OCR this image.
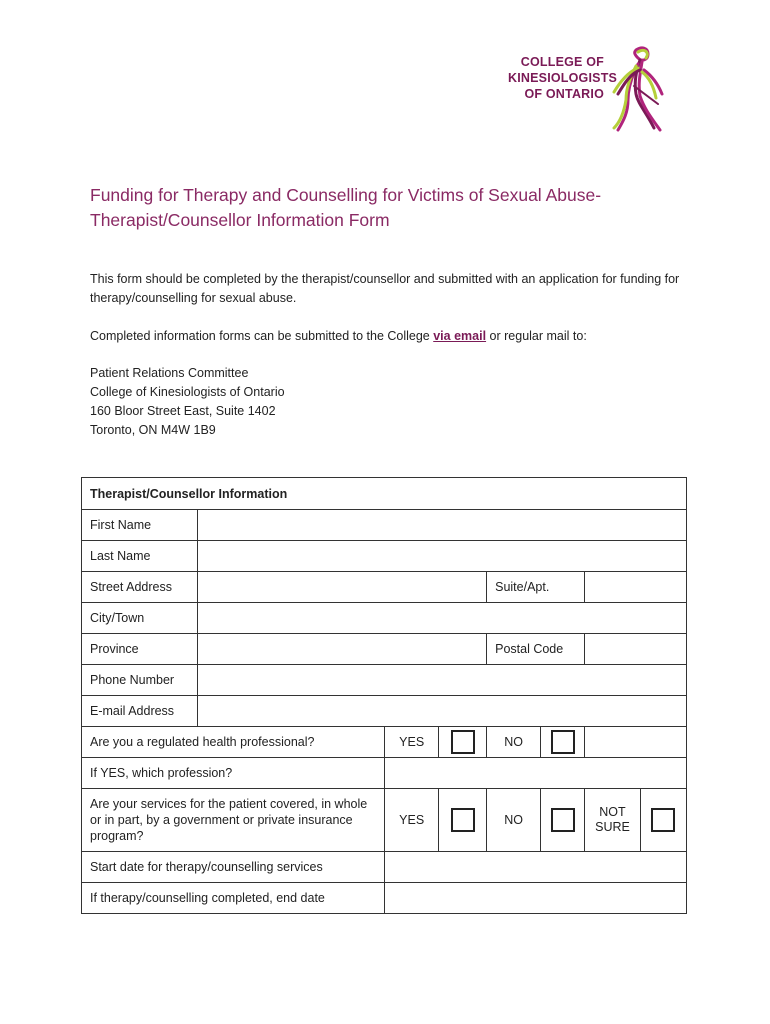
COLLEGE OF
KINESIOLOGISTS
OF ONTARIO
Funding for Therapy and Counselling for Victims of Sexual Abuse-
Therapist/Counsellor Information Form
This form should be completed by the therapist/counsellor and submitted with an application for funding for therapy/counselling for sexual abuse.
Completed information forms can be submitted to the College via email or regular mail to:
Patient Relations Committee
College of Kinesiologists of Ontario
160 Bloor Street East, Suite 1402
Toronto, ON M4W 1B9
Therapist/Counsellor Information							
First Name							
Last Name							
Street Address				Suite/Apt.			
City/Town							
Province				Postal Code			
Phone Number							
E-mail Address							
Are you a regulated health professional?		YES		NO			
If YES, which profession?							
Are your services for the patient covered, in whole or in part, by a government or private insurance program?		YES		NO		NOT SURE	
Start date for therapy/counselling services							
If therapy/counselling completed, end date							
